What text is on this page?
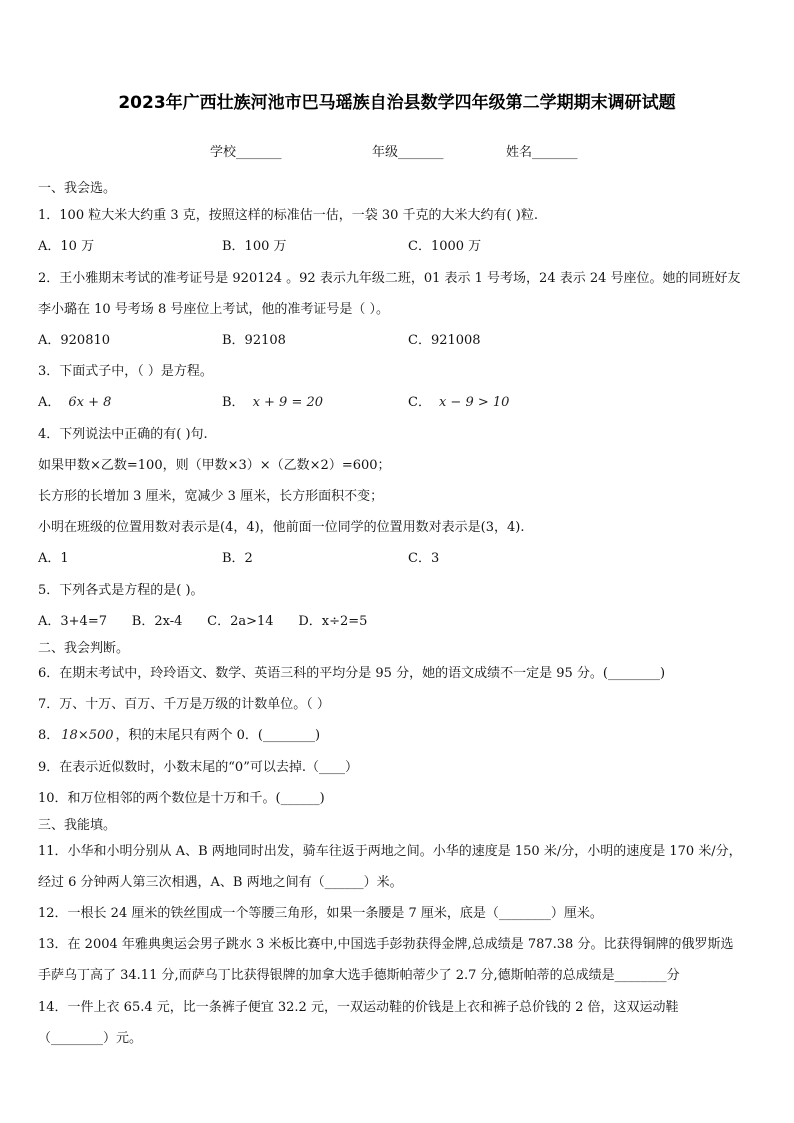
2023年广西壮族河池市巴马瑶族自治县数学四年级第二学期期末调研试题
学校_______	年级_______	姓名_______
一、我会选。
1．100 粒大米大约重 3 克，按照这样的标准估一估，一袋 30 千克的大米大约有( )粒.
A．10 万	B．100 万	C．1000 万
2．王小雅期末考试的准考证号是 920124 。92 表示九年级二班，01 表示 1 号考场，24 表示 24 号座位。她的同班好友
李小璐在 10 号考场 8 号座位上考试，他的准考证号是（ ）。
A．920810	B．92108	C．921008
3．下面式子中，（ ）是方程。
A． 6x + 8	B． x + 9 = 20	C． x − 9 > 10
4．下列说法中正确的有( )句.
如果甲数×乙数=100，则（甲数×3）×（乙数×2）=600；
长方形的长增加 3 厘米，宽减少 3 厘米，长方形面积不变；
小明在班级的位置用数对表示是(4，4)，他前面一位同学的位置用数对表示是(3，4).
A．1	B．2	C．3
5．下列各式是方程的是( )。
A．3+4=7      B．2x-4      C．2a>14      D．x÷2=5
二、我会判断。
6．在期末考试中，玲玲语文、数学、英语三科的平均分是 95 分，她的语文成绩不一定是 95 分。(________)
7．万、十万、百万、千万是万级的计数单位。（ ）
8． 18×500 ，积的末尾只有两个 0．(________)
9．在表示近似数时，小数末尾的“0”可以去掉.（____）
10．和万位相邻的两个数位是十万和千。(______)
三、我能填。
11．小华和小明分别从 A、B 两地同时出发，骑车往返于两地之间。小华的速度是 150 米/分，小明的速度是 170 米/分，
经过 6 分钟两人第三次相遇，A、B 两地之间有（______）米。
12．一根长 24 厘米的铁丝围成一个等腰三角形，如果一条腰是 7 厘米，底是（________）厘米。
13．在 2004 年雅典奥运会男子跳水 3 米板比赛中,中国选手彭勃获得金牌,总成绩是 787.38 分。比获得铜牌的俄罗斯选
手萨乌丁高了 34.11 分,而萨乌丁比获得银牌的加拿大选手德斯帕蒂少了 2.7 分,德斯帕蒂的总成绩是________分
14．一件上衣 65.4 元，比一条裤子便宜 32.2 元，一双运动鞋的价钱是上衣和裤子总价钱的 2 倍，这双运动鞋
（________）元。
